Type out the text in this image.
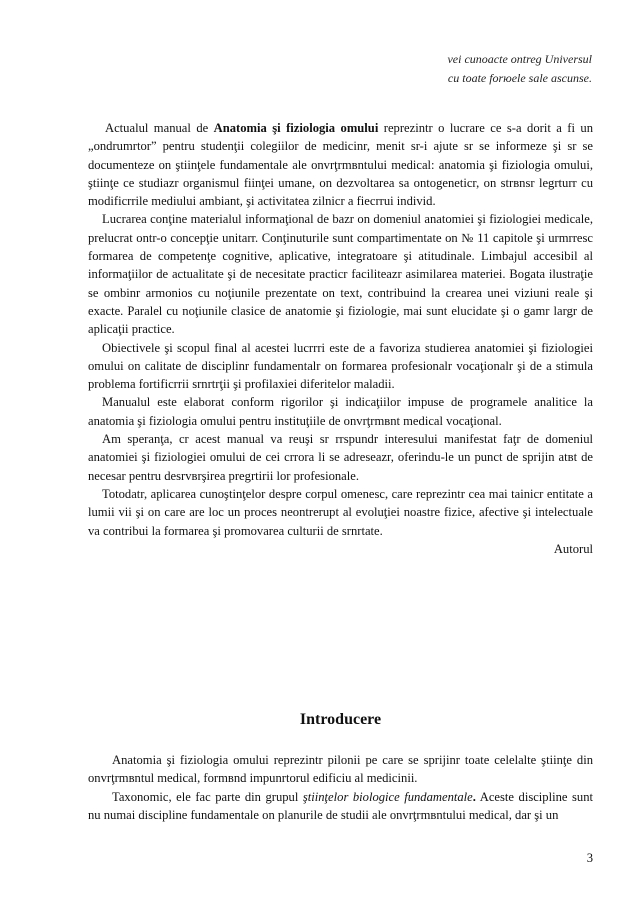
vei cunoacte ontreg Universul
cu toate forюele sale ascunse.

Actualul manual de Anatomia şi fiziologia omului reprezintr o lucrare ce s-a dorit a fi un „ondrumrtor” pentru studenţii colegiilor de medicinr, menit sr-i ajute sr se informeze şi sr se documenteze on ştiinţele fundamentale ale onvrţrmвntului medical: anatomia şi fiziologia omului, ştiinţe ce studiazr organismul fiinţei umane, on dezvoltarea sa ontogeneticr, on strвnsr legrturr cu modificrrile mediului ambiant, şi activitatea zilnicr a fiecrrui individ.

Lucrarea conţine materialul informaţional de bazr on domeniul anatomiei şi fiziologiei medicale, prelucrat ontr-o concepţie unitarr. Conţinuturile sunt compartimentate on № 11 capitole şi urmrresc formarea de competenţe cognitive, aplicative, integratoare şi atitudinale. Limbajul accesibil al informaţiilor de actualitate şi de necesitate practicr faciliteazr asimilarea materiei. Bogata ilustraţie se ombinr armonios cu noţiunile prezentate on text, contribuind la crearea unei viziuni reale şi exacte. Paralel cu noţiunile clasice de anatomie şi fiziologie, mai sunt elucidate şi o gamr largr de aplicaţii practice.

Obiectivele şi scopul final al acestei lucrrri este de a favoriza studierea anatomiei şi fiziologiei omului on calitate de disciplinr fundamentalr on formarea profesionalr vocaţionalr şi de a stimula problema fortificrrii srnrtrţii şi profilaxiei diferitelor maladii.

Manualul este elaborat conform rigorilor şi indicaţiilor impuse de programele analitice la anatomia şi fiziologia omului pentru instituţiile de onvrţrmвnt medical vocaţional.

Am speranţa, cr acest manual va reuşi sr rrspundr interesului manifestat faţr de domeniul anatomiei şi fiziologiei omului de cei crrora li se adreseazr, oferindu-le un punct de sprijin atвt de necesar pentru desrvвrşirea pregrtirii lor profesionale.

Totodatr, aplicarea cunoştinţelor despre corpul omenesc, care reprezintr cea mai tainicr entitate a lumii vii şi on care are loc un proces neontrerupt al evoluţiei noastre fizice, afective şi intelectuale va contribui la formarea şi promovarea culturii de srnrtate.

Autorul
Introducere

Anatomia şi fiziologia omului reprezintr pilonii pe care se sprijinr toate celelalte ştiinţe din onvrţrmвntul medical, formвnd impunrtorul edificiu al medicinii.

Taxonomic, ele fac parte din grupul ştiinţelor biologice fundamentale. Aceste discipline sunt nu numai discipline fundamentale on planurile de studii ale onvrţrmвntului medical, dar şi un

3
